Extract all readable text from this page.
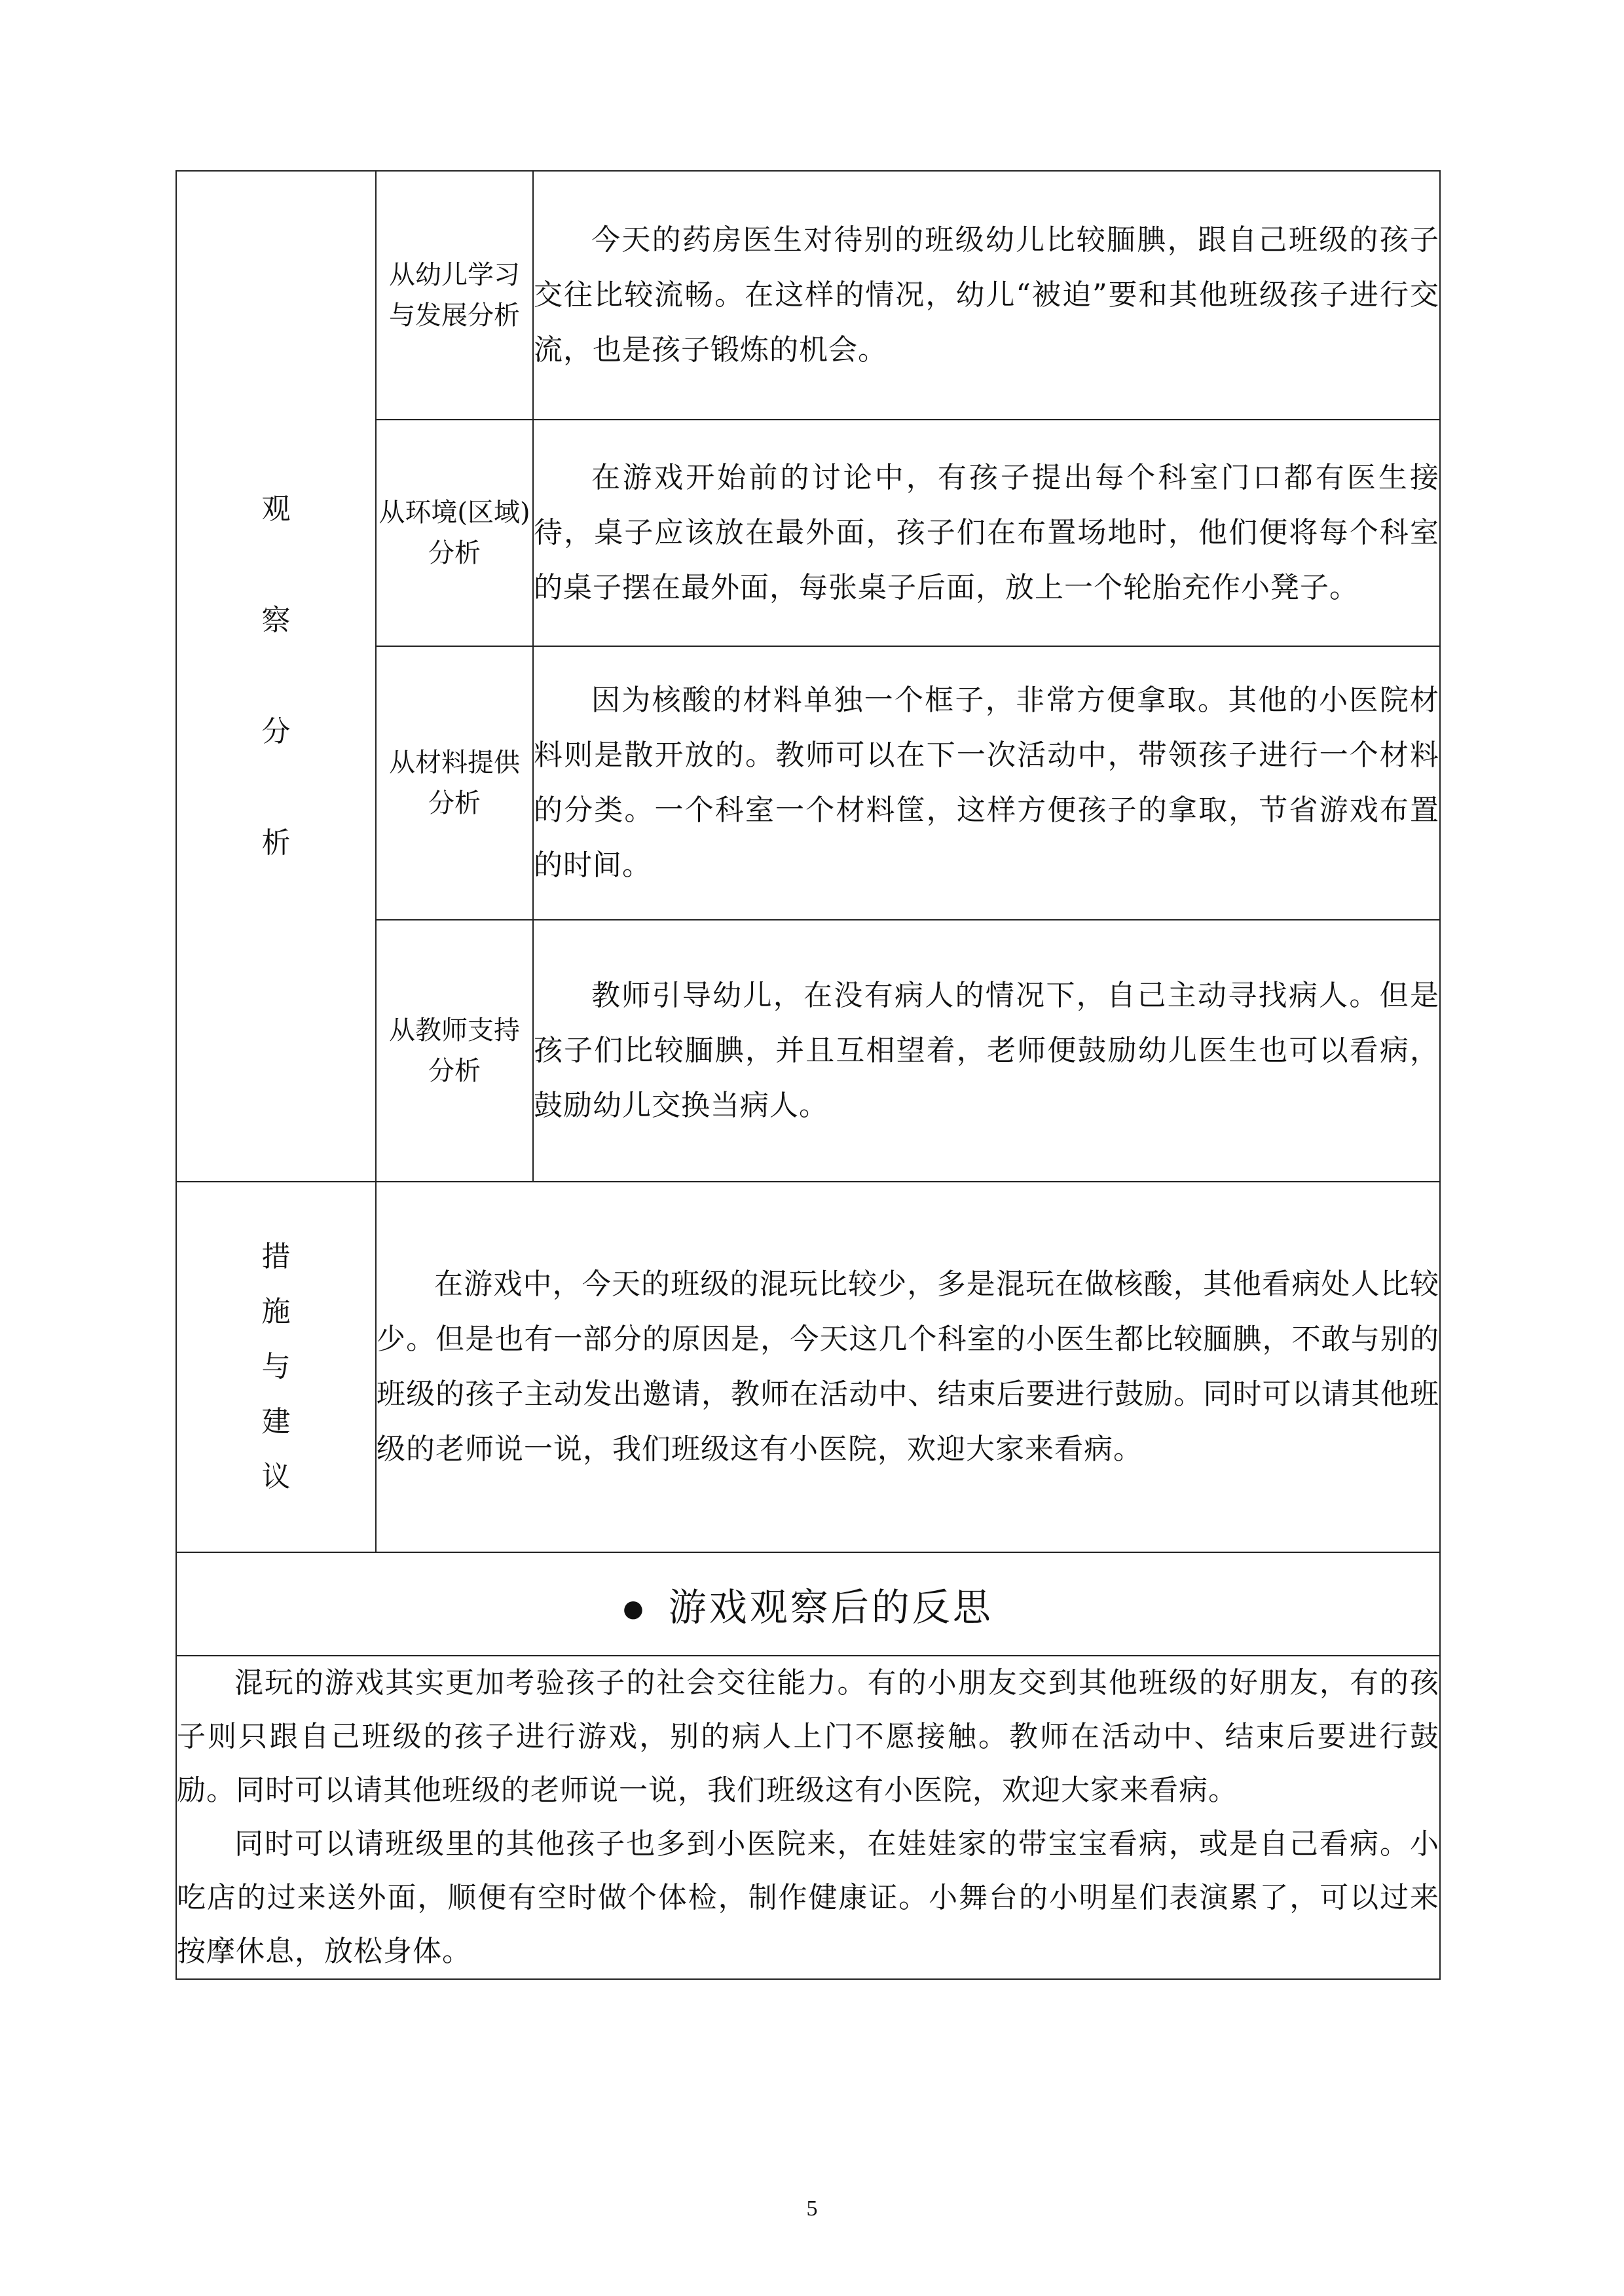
观
察
分
析	从幼儿学习与发展分析	今天的药房医生对待别的班级幼儿比较腼腆，跟自己班级的孩子交往比较流畅。在这样的情况，幼儿“被迫”要和其他班级孩子进行交流，也是孩子锻炼的机会。
	从环境(区域)分析	在游戏开始前的讨论中，有孩子提出每个科室门口都有医生接待，桌子应该放在最外面，孩子们在布置场地时，他们便将每个科室的桌子摆在最外面，每张桌子后面，放上一个轮胎充作小凳子。
	从材料提供分析	因为核酸的材料单独一个框子，非常方便拿取。其他的小医院材料则是散开放的。教师可以在下一次活动中，带领孩子进行一个材料的分类。一个科室一个材料筐，这样方便孩子的拿取，节省游戏布置的时间。
	从教师支持分析	教师引导幼儿，在没有病人的情况下，自己主动寻找病人。但是孩子们比较腼腆，并且互相望着，老师便鼓励幼儿医生也可以看病，鼓励幼儿交换当病人。

措
施
与
建
议	在游戏中，今天的班级的混玩比较少，多是混玩在做核酸，其他看病处人比较少。但是也有一部分的原因是，今天这几个科室的小医生都比较腼腆，不敢与别的班级的孩子主动发出邀请，教师在活动中、结束后要进行鼓励。同时可以请其他班级的老师说一说，我们班级这有小医院，欢迎大家来看病。	
● 游戏观察后的反思		

混玩的游戏其实更加考验孩子的社会交往能力。有的小朋友交到其他班级的好朋友，有的孩子则只跟自己班级的孩子进行游戏，别的病人上门不愿接触。教师在活动中、结束后要进行鼓励。同时可以请其他班级的老师说一说，我们班级这有小医院，欢迎大家来看病。

同时可以请班级里的其他孩子也多到小医院来，在娃娃家的带宝宝看病，或是自己看病。小吃店的过来送外面，顺便有空时做个体检，制作健康证。小舞台的小明星们表演累了，可以过来按摩休息，放松身体。		

5
